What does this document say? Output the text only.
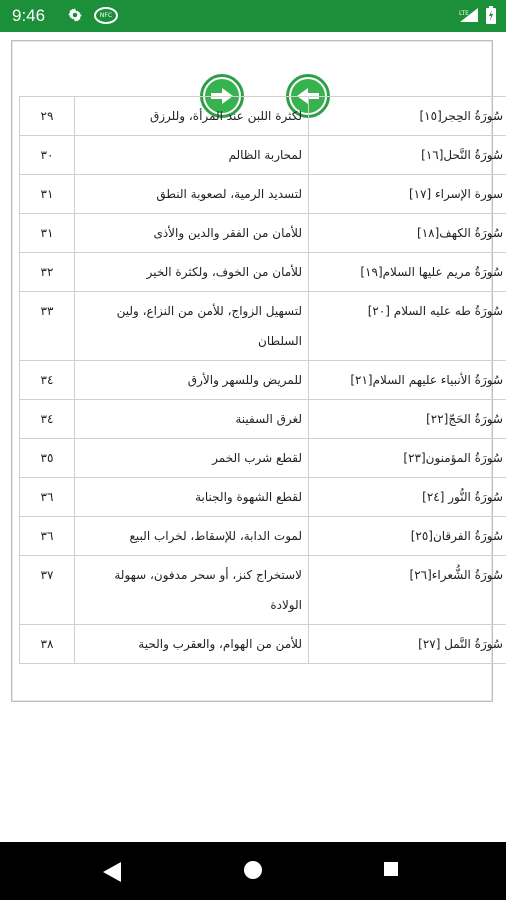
9:46	NFC	LTE
سُورَةُ الحِجر[١٥]	لكثرة اللبن عند المرأة، وللرزق	٢٩
سُورَةُ النَّحل[١٦]	لمحاربة الظالم	٣٠
سورة الإسراء [١٧]	لتسديد الرمية، لصعوبة النطق	٣١
سُورَةُ الكهف[١٨]	للأمان من الفقر والدين والأذى	٣١
سُورَةُ مريم عليها السلام[١٩]	للأمان من الخوف، ولكثرة الخير	٣٢
سُورَةُ طه عليه السلام [٢٠]	لتسهيل الزواج، للأمن من النزاع، ولين السلطان	٣٣
سُورَةُ الأنبياء عليهم السلام[٢١]	للمريض وللسهر والأرق	٣٤
سُورَةُ الحَجّ[٢٢]	لغرق السفينة	٣٤
سُورَةُ المؤمنون[٢٣]	لقطع شرب الخمر	٣٥
سُورَةُ النُّور [٢٤]	لقطع الشهوة والجنابة	٣٦
سُورَةُ الفرقان[٢٥]	لموت الدابة، للإسقاط، لخراب البيع	٣٦
سُورَةُ الشُّعراء[٢٦]	لاستخراج كنز، أو سحر مدفون، سهولة الولادة	٣٧
سُورَةُ النَّمل [٢٧]	للأمن من الهوام، والعقرب والحية	٣٨
